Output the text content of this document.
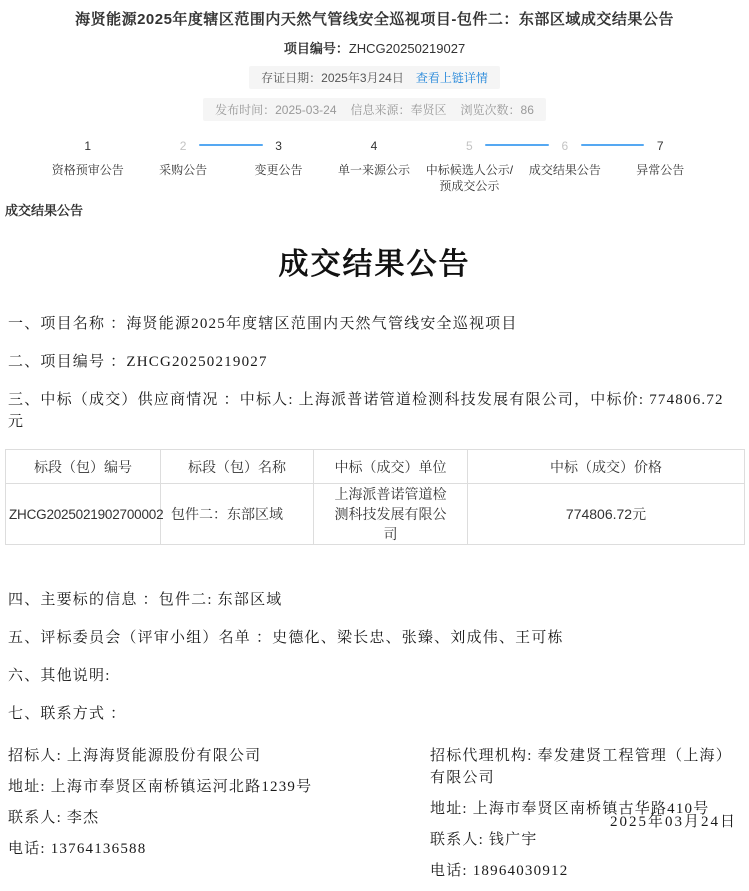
海贤能源2025年度辖区范围内天然气管线安全巡视项目-包件二：东部区域成交结果公告
项目编号：ZHCG20250219027
存证日期：2025年3月24日 查看上链详情
发布时间：2025-03-24 信息来源：奉贤区 浏览次数：86
1
资格预审公告
2
采购公告
3
变更公告
4
单一来源公示
5
中标候选人公示/预成交公示
6
成交结果公告
7
异常公告
成交结果公告
成交结果公告

一、项目名称 ：海贤能源2025年度辖区范围内天然气管线安全巡视项目

二、项目编号 ：ZHCG20250219027

三、中标（成交）供应商情况 ：中标人: 上海派普诺管道检测科技发展有限公司，中标价: 774806.72元

标段（包）编号	标段（包）名称	中标（成交）单位	中标（成交）价格
ZHCG2025021902700002	包件二：东部区域	上海派普诺管道检测科技发展有限公司	774806.72元

四、主要标的信息 ：包件二: 东部区域

五、评标委员会（评审小组）名单 ：史德化、梁长忠、张臻、刘成伟、王可栋

六、其他说明:

七、联系方式 ：

招标人: 上海海贤能源股份有限公司

地址: 上海市奉贤区南桥镇运河北路1239号

联系人: 李杰

电话: 13764136588

招标代理机构: 奉发建贤工程管理（上海）有限公司

地址: 上海市奉贤区南桥镇古华路410号

联系人: 钱广宇

电话: 18964030912

2025年03月24日
